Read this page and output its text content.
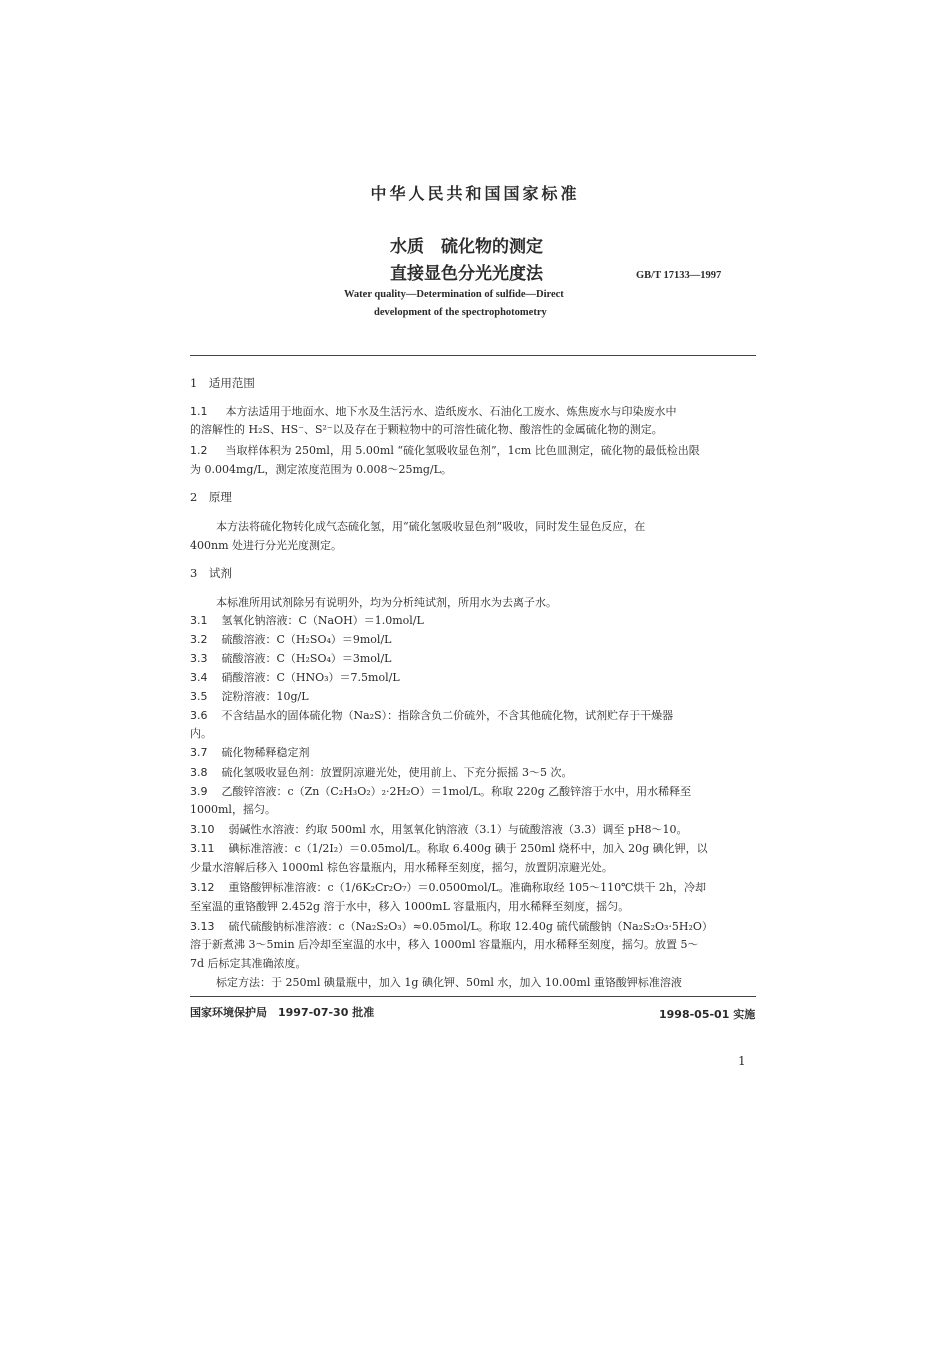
中华人民共和国国家标准
水质　硫化物的测定
直接显色分光光度法	GB/T 17133—1997
Water quality—Determination of sulfide—Direct
development of the spectrophotometry
1　适用范围
1.1 本方法适用于地面水、地下水及生活污水、造纸废水、石油化工废水、炼焦废水与印染废水中
的溶解性的 H₂S、HS⁻、S²⁻以及存在于颗粒物中的可溶性硫化物、酸溶性的金属硫化物的测定。
1.2 当取样体积为 250ml，用 5.00ml “硫化氢吸收显色剂”，1cm 比色皿测定，硫化物的最低检出限
为 0.004mg/L，测定浓度范围为 0.008～25mg/L。
2　原理
本方法将硫化物转化成气态硫化氢，用“硫化氢吸收显色剂”吸收，同时发生显色反应，在
400nm 处进行分光光度测定。
3　试剂
本标准所用试剂除另有说明外，均为分析纯试剂，所用水为去离子水。
3.1 氢氧化钠溶液：C（NaOH）＝1.0mol/L
3.2 硫酸溶液：C（H₂SO₄）＝9mol/L
3.3 硫酸溶液：C（H₂SO₄）＝3mol/L
3.4 硝酸溶液：C（HNO₃）＝7.5mol/L
3.5 淀粉溶液：10g/L
3.6 不含结晶水的固体硫化物（Na₂S）：指除含负二价硫外，不含其他硫化物，试剂贮存于干燥器
内。
3.7 硫化物稀释稳定剂
3.8 硫化氢吸收显色剂：放置阴凉避光处，使用前上、下充分振摇 3～5 次。
3.9 乙酸锌溶液：c（Zn（C₂H₃O₂）₂·2H₂O）＝1mol/L。称取 220g 乙酸锌溶于水中，用水稀释至
1000ml，摇匀。
3.10 弱碱性水溶液：约取 500ml 水，用氢氧化钠溶液（3.1）与硫酸溶液（3.3）调至 pH8～10。
3.11 碘标准溶液：c（1/2I₂）＝0.05mol/L。称取 6.400g 碘于 250ml 烧杯中，加入 20g 碘化钾，以
少量水溶解后移入 1000ml 棕色容量瓶内，用水稀释至刻度，摇匀，放置阴凉避光处。
3.12 重铬酸钾标准溶液：c（1/6K₂Cr₂O₇）＝0.0500mol/L。准确称取经 105～110℃烘干 2h，冷却
至室温的重铬酸钾 2.452g 溶于水中，移入 1000mL 容量瓶内，用水稀释至刻度，摇匀。
3.13 硫代硫酸钠标准溶液：c（Na₂S₂O₃）≈0.05mol/L。称取 12.40g 硫代硫酸钠（Na₂S₂O₃·5H₂O）
溶于新煮沸 3～5min 后冷却至室温的水中，移入 1000ml 容量瓶内，用水稀释至刻度，摇匀。放置 5～
7d 后标定其准确浓度。
标定方法：于 250ml 碘量瓶中，加入 1g 碘化钾、50ml 水，加入 10.00ml 重铬酸钾标准溶液
国家环境保护局　1997-07-30 批准	1998-05-01 实施
1
